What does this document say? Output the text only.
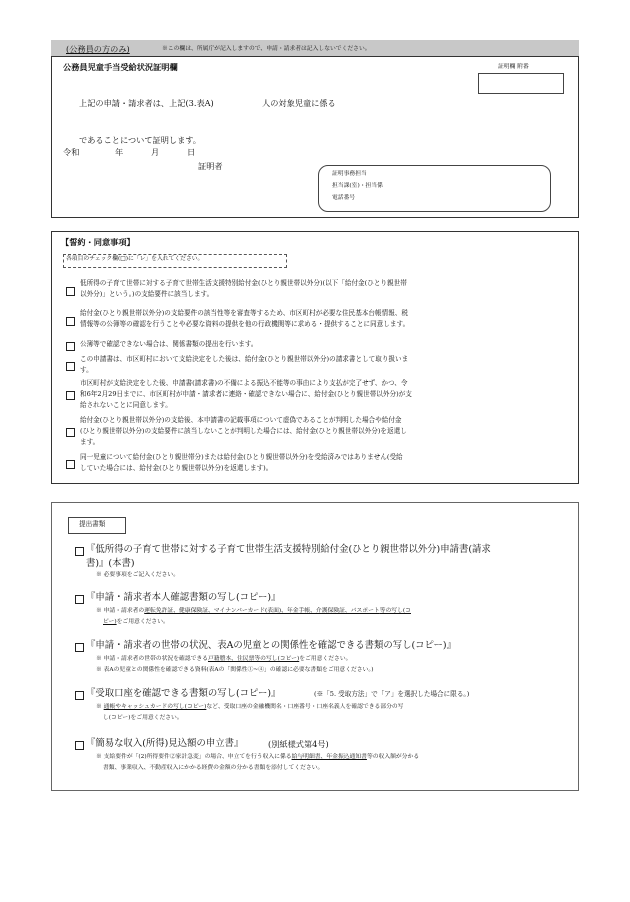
(公務員の方のみ)	※この欄は、所属庁が記入しますので、申請・請求者は記入しないでください。
公務員児童手当受給状況証明欄	証明欄 附番
上記の申請・請求者は、上記(3.表A)	人の対象児童に係る
であることについて証明します。
令和	年	月	日
証明者
証明事務担当
担当課(室)・担当係
電話番号
【誓約・同意事項】
各項目のチェック欄(□)に「レ」を入れてください。
低所得の子育て世帯に対する子育て世帯生活支援特別給付金(ひとり親世帯以外分)(以下「給付金(ひとり親世帯
以外分)」という。)の支給要件に該当します。
給付金(ひとり親世帯以外分)の支給要件の該当性等を審査等するため、市区町村が必要な住民基本台帳情報、税
情報等の公簿等の確認を行うことや必要な資料の提供を他の行政機関等に求める・提供することに同意します。
公簿等で確認できない場合は、関係書類の提出を行います。
この申請書は、市区町村において支給決定をした後は、給付金(ひとり親世帯以外分)の請求書として取り扱いま
す。
市区町村が支給決定をした後、申請書(請求書)の不備による振込不能等の事由により支払が完了せず、かつ、令
和6年2月29日までに、市区町村が申請・請求者に連絡・確認できない場合に、給付金(ひとり親世帯以外分)が支
給されないことに同意します。
給付金(ひとり親世帯以外分)の支給後、本申請書の記載事項について虚偽であることが判明した場合や給付金
(ひとり親世帯以外分)の支給要件に該当しないことが判明した場合には、給付金(ひとり親世帯以外分)を返還し
ます。
同一児童について給付金(ひとり親世帯分)または給付金(ひとり親世帯以外分)を受給済みではありません(受給
していた場合には、給付金(ひとり親世帯以外分)を返還します)。
提出書類
『低所得の子育て世帯に対する子育て世帯生活支援特別給付金(ひとり親世帯以外分)申請書(請求
書)』(本書)
※ 必要事項をご記入ください。
『申請・請求者本人確認書類の写し(コピー)』
※ 申請・請求者の運転免許証、健康保険証、マイナンバーカード(表面)、年金手帳、介護保険証、パスポート等の写し(コ
ピー)をご用意ください。
『申請・請求者の世帯の状況、表Aの児童との関係性を確認できる書類の写し(コピー)』
※ 申請・請求者の世帯の状況を確認できる戸籍謄本、住民票等の写し(コピー)をご用意ください。
※ 表Aの児童との関係性を確認できる資料(表Aの「関係性①~④」の確認に必要な書類をご用意ください。)
『受取口座を確認できる書類の写し(コピー)』	(※「5. 受取方法」で「ア」を選択した場合に限る。)
※ 通帳やキャッシュカードの写し(コピー)など、受取口座の金融機関名・口座番号・口座名義人を確認できる部分の写
し(コピー)をご用意ください。
『簡易な収入(所得)見込額の申立書』	(別紙様式第4号)
※ 支給要件が「(2)所得要件②家計急変」の場合、申立てを行う収入に係る給与明細書、年金振込通知書等の収入額が分かる
書類、事業収入、不動産収入にかかる経費の金額の分かる書類を添付してください。
